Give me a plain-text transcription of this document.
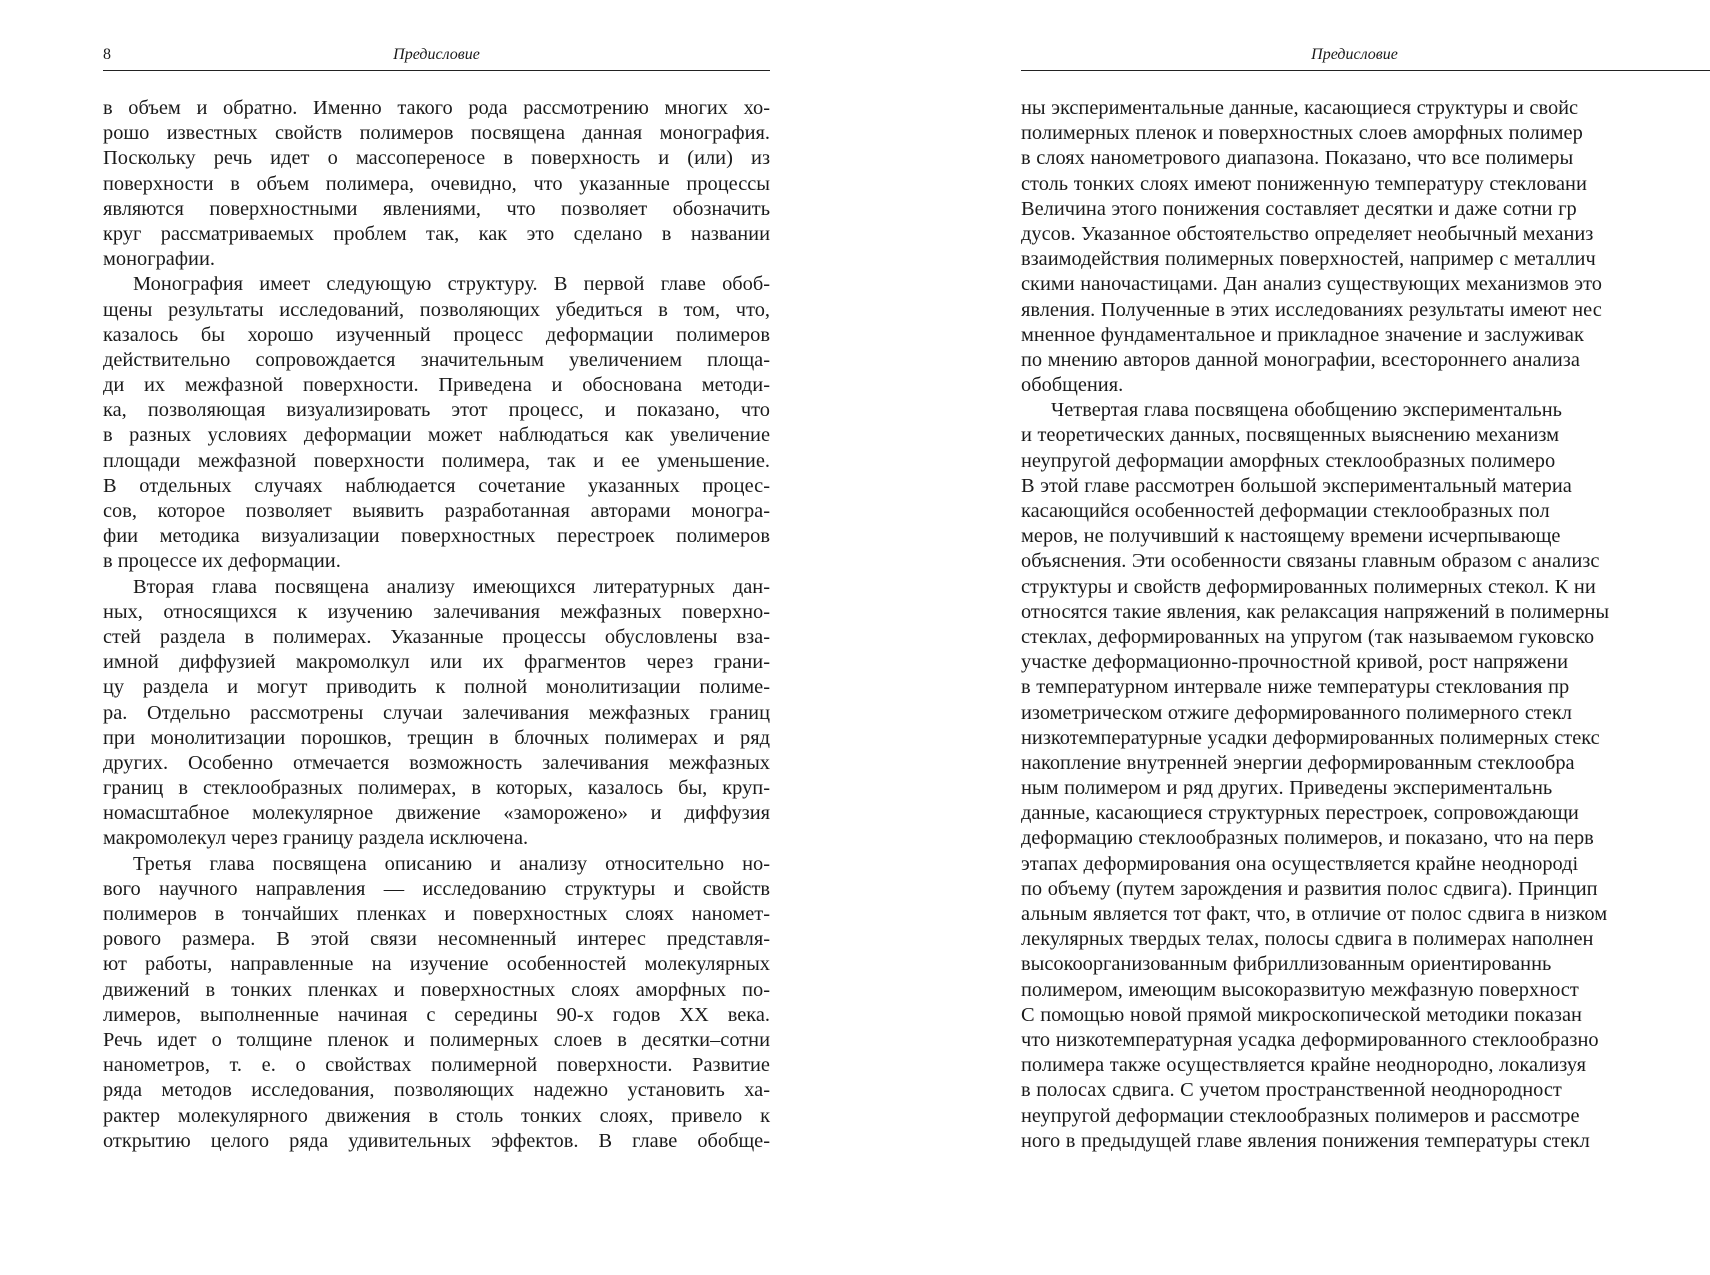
8	Предисловие
в объем и обратно. Именно такого рода рассмотрению многих хо-
рошо известных свойств полимеров посвящена данная монография.
Поскольку речь идет о массопереносе в поверхность и (или) из
поверхности в объем полимера, очевидно, что указанные процессы
являются поверхностными явлениями, что позволяет обозначить
круг рассматриваемых проблем так, как это сделано в названии
монографии.
Монография имеет следующую структуру. В первой главе обоб-
щены результаты исследований, позволяющих убедиться в том, что,
казалось бы хорошо изученный процесс деформации полимеров
действительно сопровождается значительным увеличением площа-
ди их межфазной поверхности. Приведена и обоснована методи-
ка, позволяющая визуализировать этот процесс, и показано, что
в разных условиях деформации может наблюдаться как увеличение
площади межфазной поверхности полимера, так и ее уменьшение.
В отдельных случаях наблюдается сочетание указанных процес-
сов, которое позволяет выявить разработанная авторами моногра-
фии методика визуализации поверхностных перестроек полимеров
в процессе их деформации.
Вторая глава посвящена анализу имеющихся литературных дан-
ных, относящихся к изучению залечивания межфазных поверхно-
стей раздела в полимерах. Указанные процессы обусловлены вза-
имной диффузией макромолкул или их фрагментов через грани-
цу раздела и могут приводить к полной монолитизации полиме-
ра. Отдельно рассмотрены случаи залечивания межфазных границ
при монолитизации порошков, трещин в блочных полимерах и ряд
других. Особенно отмечается возможность залечивания межфазных
границ в стеклообразных полимерах, в которых, казалось бы, круп-
номасштабное молекулярное движение «заморожено» и диффузия
макромолекул через границу раздела исключена.
Третья глава посвящена описанию и анализу относительно но-
вого научного направления — исследованию структуры и свойств
полимеров в тончайших пленках и поверхностных слоях наномет-
рового размера. В этой связи несомненный интерес представля-
ют работы, направленные на изучение особенностей молекулярных
движений в тонких пленках и поверхностных слоях аморфных по-
лимеров, выполненные начиная с середины 90-х годов XX века.
Речь идет о толщине пленок и полимерных слоев в десятки–сотни
нанометров, т. е. о свойствах полимерной поверхности. Развитие
ряда методов исследования, позволяющих надежно установить ха-
рактер молекулярного движения в столь тонких слоях, привело к
открытию целого ряда удивительных эффектов. В главе обобще-
Предисловие
ны экспериментальные данные, касающиеся структуры и свойс
полимерных пленок и поверхностных слоев аморфных полимер
в слоях нанометрового диапазона. Показано, что все полимеры
столь тонких слоях имеют пониженную температуру стекловани
Величина этого понижения составляет десятки и даже сотни гр
дусов. Указанное обстоятельство определяет необычный механиз
взаимодействия полимерных поверхностей, например с металлич
скими наночастицами. Дан анализ существующих механизмов это
явления. Полученные в этих исследованиях результаты имеют нес
мненное фундаментальное и прикладное значение и заслуживак
по мнению авторов данной монографии, всестороннего анализа
обобщения.
Четвертая глава посвящена обобщению экспериментальнь
и теоретических данных, посвященных выяснению механизм
неупругой деформации аморфных стеклообразных полимеро
В этой главе рассмотрен большой экспериментальный материа
касающийся особенностей деформации стеклообразных пол
меров, не получивший к настоящему времени исчерпывающе
объяснения. Эти особенности связаны главным образом с анализс
структуры и свойств деформированных полимерных стекол. К ни
относятся такие явления, как релаксация напряжений в полимерны
стеклах, деформированных на упругом (так называемом гуковско
участке деформационно-прочностной кривой, рост напряжени
в температурном интервале ниже температуры стеклования пр
изометрическом отжиге деформированного полимерного стекл
низкотемпературные усадки деформированных полимерных стекс
накопление внутренней энергии деформированным стеклообра
ным полимером и ряд других. Приведены экспериментальнь
данные, касающиеся структурных перестроек, сопровождающи
деформацию стеклообразных полимеров, и показано, что на перв
этапах деформирования она осуществляется крайне неоднороді
по объему (путем зарождения и развития полос сдвига). Принцип
альным является тот факт, что, в отличие от полос сдвига в низком
лекулярных твердых телах, полосы сдвига в полимерах наполнен
высокоорганизованным фибриллизованным ориентированнь
полимером, имеющим высокоразвитую межфазную поверхност
С помощью новой прямой микроскопической методики показан
что низкотемпературная усадка деформированного стеклообразно
полимера также осуществляется крайне неоднородно, локализуя
в полосах сдвига. С учетом пространственной неоднородност
неупругой деформации стеклообразных полимеров и рассмотре
ного в предыдущей главе явления понижения температуры стекл
